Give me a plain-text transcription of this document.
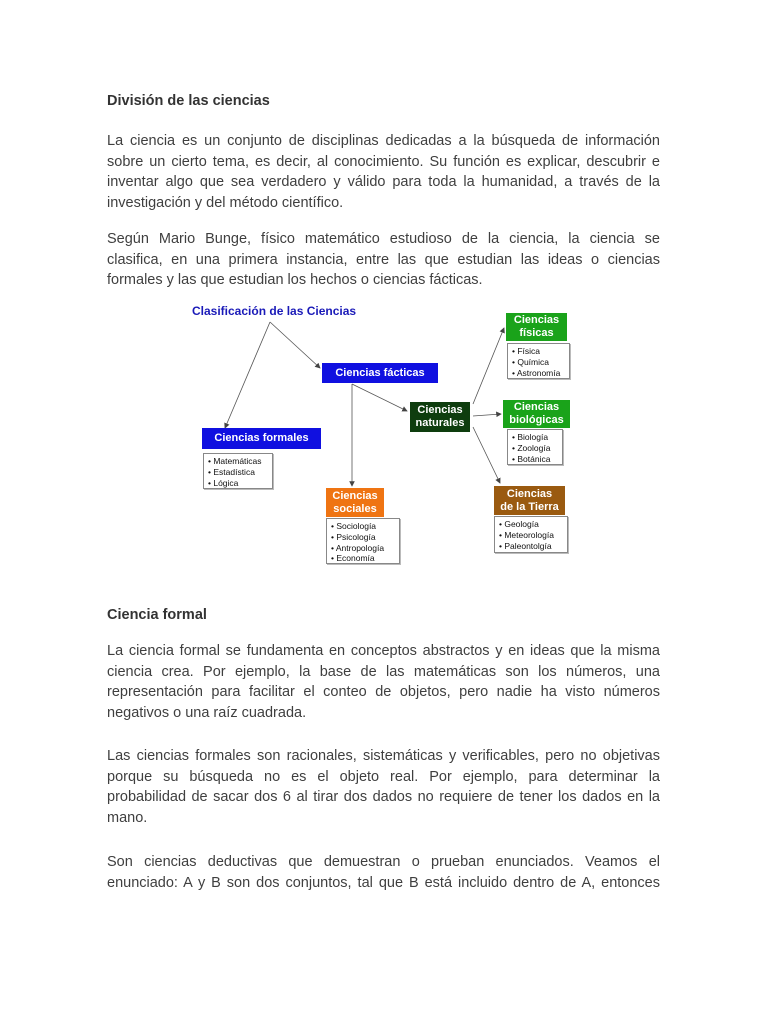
División de las ciencias

La ciencia es un conjunto de disciplinas dedicadas a la búsqueda de información
sobre un cierto tema, es decir, al conocimiento. Su función es explicar, descubrir e
inventar algo que sea verdadero y válido para toda la humanidad, a través de la
investigación y del método científico.

Según Mario Bunge, físico matemático estudioso de la ciencia, la ciencia se
clasifica, en una primera instancia, entre las que estudian las ideas o ciencias
formales y las que estudian los hechos o ciencias fácticas.

Ciencia formal

La ciencia formal se fundamenta en conceptos abstractos y en ideas que la misma
ciencia crea. Por ejemplo, la base de las matemáticas son los números, una
representación para facilitar el conteo de objetos, pero nadie ha visto números
negativos o una raíz cuadrada.

Las ciencias formales son racionales, sistemáticas y verificables, pero no objetivas
porque su búsqueda no es el objeto real. Por ejemplo, para determinar la
probabilidad de sacar dos 6 al tirar dos dados no requiere de tener los dados en la
mano.

Son ciencias deductivas que demuestran o prueban enunciados. Veamos el
enunciado: A y B son dos conjuntos, tal que B está incluido dentro de A, entonces

Clasificación de las Ciencias
Ciencias fácticas
Ciencias formales
• Matemáticas
• Estadística
• Lógica
Ciencias
naturales
Ciencias
sociales
• Sociología
• Psicología
• Antropología
• Economía
Ciencias
físicas
• Física
• Química
• Astronomía
Ciencias
biológicas
• Biología
• Zoología
• Botánica
Ciencias
de la Tierra
• Geología
• Meteorología
• Paleontolgía
